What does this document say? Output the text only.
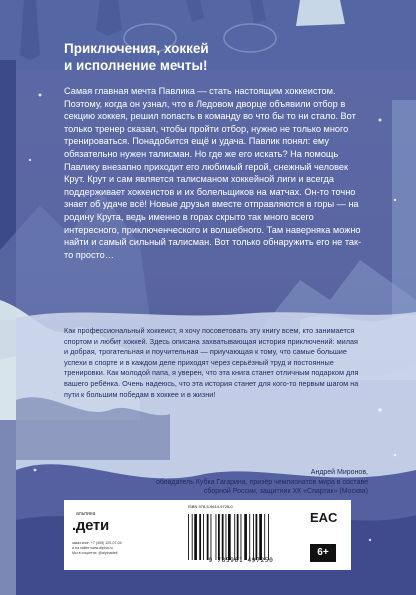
Приключения, хоккей
и исполнение мечты!
Самая главная мечта Павлика — стать настоящим хоккеистом. Поэтому, когда он узнал, что в Ледовом дворце объявили отбор в секцию хоккея, решил попасть в команду во что бы то ни стало. Вот только тренер сказал, чтобы пройти отбор, нужно не только много тренироваться. Понадобится ещё и удача. Павлик понял: ему обязательно нужен талисман. Но где же его искать? На помощь Павлику внезапно приходит его любимый герой, снежный человек Крут. Крут и сам является талисманом хоккейной лиги и всегда поддерживает хоккеистов и их болельщиков на матчах. Он-то точно знает об удаче всё! Новые друзья вместе отправляются в горы — на родину Крута, ведь именно в горах скрыто так много всего интересного, приключенческого и волшебного. Там наверняка можно найти и самый сильный талисман. Вот только обнаружить его не так-то просто…
Как профессиональный хоккеист, я хочу посоветовать эту книгу всем, кто занимается спортом и любит хоккей. Здесь описана захватывающая история приключений: милая и добрая, трогательная и поучительная — приучающая к тому, что самые большие успехи в спорте и в каждом деле приходят через серьёзный труд и постоянные тренировки. Как молодой папа, я уверен, что эта книга станет отличным подарком для вашего ребёнка. Очень надеюсь, что эта история станет для кого-то первым шагом на пути к большим победам в хоккее и в жизни!
Андрей Миронов,
обладатель Кубка Гагарина, призёр чемпионатов мира в составе
сборной России, защитник ХК «Спартак» (Москва)
альпина
.дети
заказ книг: +7 (495) 120-07-04
и на сайте www.alpina.ru
Мы в соцсетях: @alpinadeti
ISBN 978-5-9614-9725-0
9 785961 497250
EAC
6+
